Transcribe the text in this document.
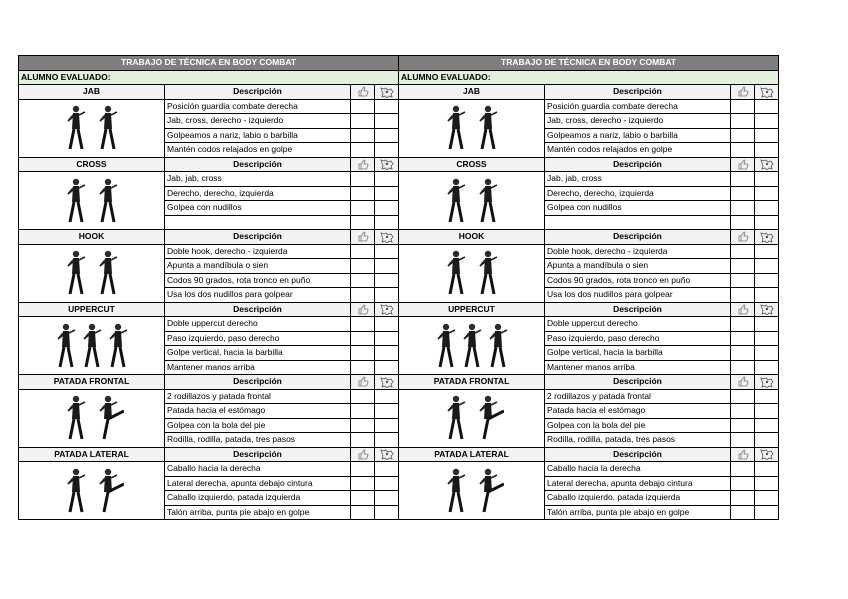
TRABAJO DE TÉCNICA EN BODY COMBAT			
ALUMNO EVALUADO:			
JAB	Descripción	

	Posición guardia combate derecha		
	Jab, cross, derecho - izquierdo		
	Golpeamos a nariz, labio o barbilla		
	Mantén codos relajados en golpe		
CROSS	Descripción	

	Jab, jab, cross		
	Derecho, derecho, izquierda		
	Golpea con nudillos		

HOOK	Descripción	

	Doble hook, derecho - izquierda		
	Apunta a mandíbula o sien		
	Codos 90 grados, rota tronco en puño		
	Usa los dos nudillos para golpear		
UPPERCUT	Descripción	

	Doble uppercut derecho		
	Paso izquierdo, paso derecho		
	Golpe vertical, hacia la barbilla		
	Mantener manos arriba		
PATADA FRONTAL	Descripción	

	2 rodillazos y patada frontal		
	Patada hacia el estómago		
	Golpea con la bola del pie		
	Rodilla, rodilla, patada, tres pasos		
PATADA LATERAL	Descripción	

	Caballo hacia la derecha		
	Lateral derecha, apunta debajo cintura		
	Caballo izquierdo, patada izquierda		
	Talón arriba, punta pie abajo en golpe		
TRABAJO DE TÉCNICA EN BODY COMBAT			
ALUMNO EVALUADO:			
JAB	Descripción	

	Posición guardia combate derecha		
	Jab, cross, derecho - izquierdo		
	Golpeamos a nariz, labio o barbilla		
	Mantén codos relajados en golpe		
CROSS	Descripción	

	Jab, jab, cross		
	Derecho, derecho, izquierda		
	Golpea con nudillos		

HOOK	Descripción	

	Doble hook, derecho - izquierda		
	Apunta a mandíbula o sien		
	Codos 90 grados, rota tronco en puño		
	Usa los dos nudillos para golpear		
UPPERCUT	Descripción	

	Doble uppercut derecho		
	Paso izquierdo, paso derecho		
	Golpe vertical, hacia la barbilla		
	Mantener manos arriba		
PATADA FRONTAL	Descripción	

	2 rodillazos y patada frontal		
	Patada hacia el estómago		
	Golpea con la bola del pie		
	Rodilla, rodilla, patada, tres pasos		
PATADA LATERAL	Descripción	

	Caballo hacia la derecha		
	Lateral derecha, apunta debajo cintura		
	Caballo izquierdo, patada izquierda		
	Talón arriba, punta pie abajo en golpe		
